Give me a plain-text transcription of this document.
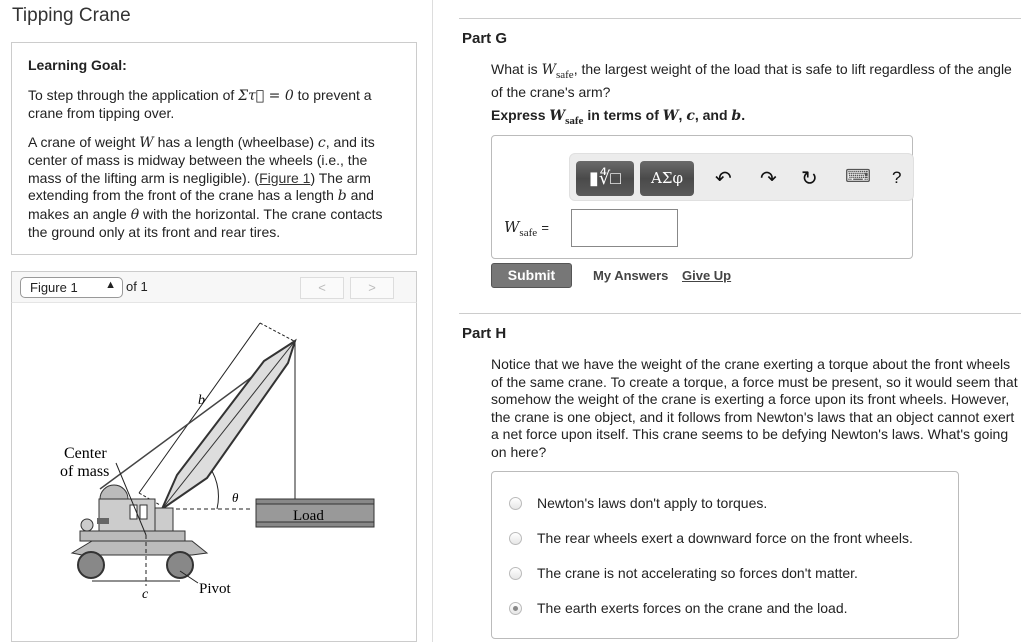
Tipping Crane
Learning Goal:

To step through the application of Στ⃗ = 0 to prevent a crane from tipping over.

A crane of weight W has a length (wheelbase) c, and its center of mass is midway between the wheels (i.e., the mass of the lifting arm is negligible). (Figure 1) The arm extending from the front of the crane has a length b and makes an angle θ with the horizontal. The crane contacts the ground only at its front and rear tires.

Figure 1 ▲ of 1	<	>
b
Center
of mass
θ
Load
Pivot
c
Part G
What is $W_{safe}$, the largest weight of the load that is safe to lift regardless of the angle of the crane's arm?
Express $W_{safe}$ in terms of W, c, and b.
▮∜□	ΑΣφ	↶ ↷ ↻ ⌨ ?
$W_{safe}$ =
Submit	My Answers Give Up
Part H
Notice that we have the weight of the crane exerting a torque about the front wheels of the same crane. To create a torque, a force must be present, so it would seem that somehow the weight of the crane is exerting a force upon its front wheels. However, the crane is one object, and it follows from Newton's laws that an object cannot exert a net force upon itself. This crane seems to be defying Newton's laws. What's going on here?
Newton's laws don't apply to torques.
The rear wheels exert a downward force on the front wheels.
The crane is not accelerating so forces don't matter.
The earth exerts forces on the crane and the load.
